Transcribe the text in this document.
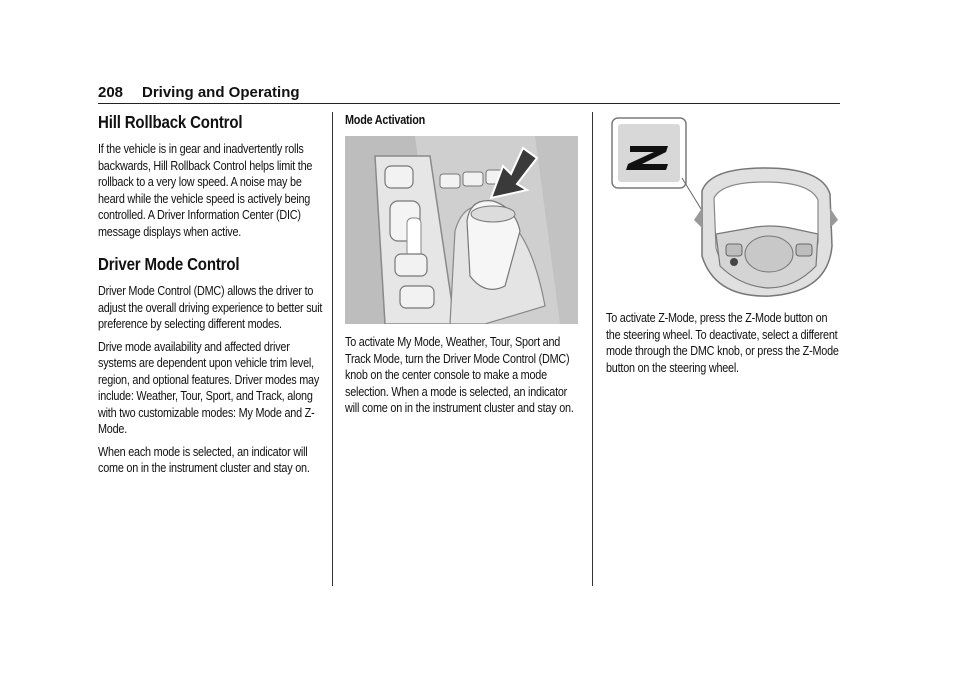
208 Driving and Operating
Hill Rollback Control

If the vehicle is in gear and inadvertently rolls backwards, Hill Rollback Control helps limit the rollback to a very low speed. A noise may be heard while the vehicle speed is actively being controlled. A Driver Information Center (DIC) message displays when active.

Driver Mode Control

Driver Mode Control (DMC) allows the driver to adjust the overall driving experience to better suit preference by selecting different modes.

Drive mode availability and affected driver systems are dependent upon vehicle trim level, region, and optional features. Driver modes may include: Weather, Tour, Sport, and Track, along with two customizable modes: My Mode and Z-Mode.

When each mode is selected, an indicator will come on in the instrument cluster and stay on.

Mode Activation

To activate My Mode, Weather, Tour, Sport and Track Mode, turn the Driver Mode Control (DMC) knob on the center console to make a mode selection. When a mode is selected, an indicator will come on in the instrument cluster and stay on.

To activate Z-Mode, press the Z-Mode button on the steering wheel. To deactivate, select a different mode through the DMC knob, or press the Z-Mode button on the steering wheel.
